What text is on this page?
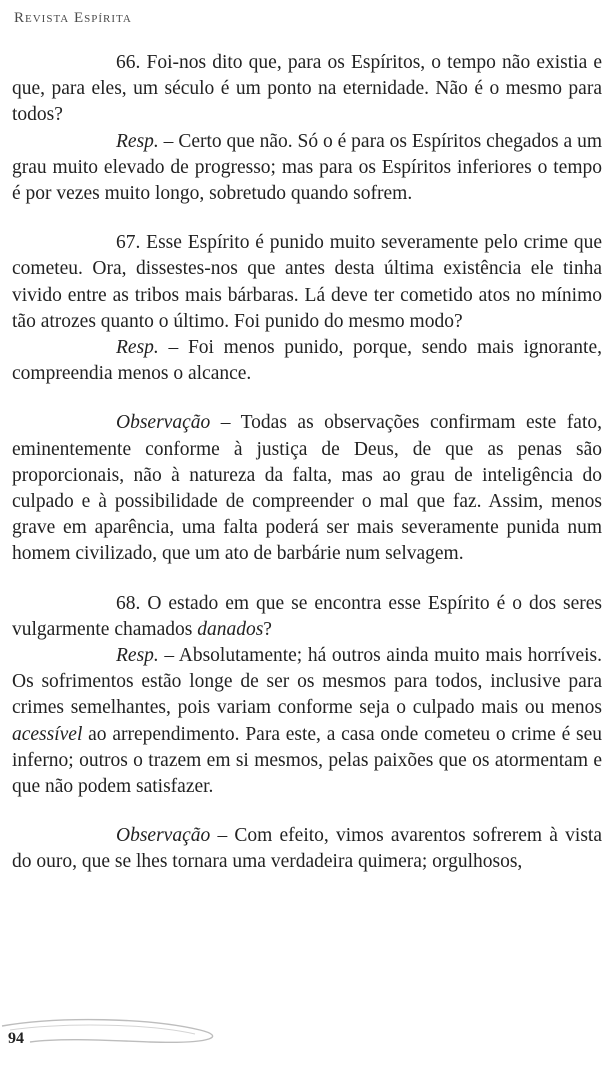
Revista Espírita

66. Foi-nos dito que, para os Espíritos, o tempo não existia e que, para eles, um século é um ponto na eternidade. Não é o mesmo para todos?

Resp. – Certo que não. Só o é para os Espíritos chegados a um grau muito elevado de progresso; mas para os Espíritos inferiores o tempo é por vezes muito longo, sobretudo quando sofrem.

67. Esse Espírito é punido muito severamente pelo crime que cometeu. Ora, dissestes-nos que antes desta última existência ele tinha vivido entre as tribos mais bárbaras. Lá deve ter cometido atos no mínimo tão atrozes quanto o último. Foi punido do mesmo modo?

Resp. – Foi menos punido, porque, sendo mais ignorante, compreendia menos o alcance.

Observação – Todas as observações confirmam este fato, eminentemente conforme à justiça de Deus, de que as penas são proporcionais, não à natureza da falta, mas ao grau de inteligência do culpado e à possibilidade de compreender o mal que faz. Assim, menos grave em aparência, uma falta poderá ser mais severamente punida num homem civilizado, que um ato de barbárie num selvagem.

68. O estado em que se encontra esse Espírito é o dos seres vulgarmente chamados danados?

Resp. – Absolutamente; há outros ainda muito mais horríveis. Os sofrimentos estão longe de ser os mesmos para todos, inclusive para crimes semelhantes, pois variam conforme seja o culpado mais ou menos acessível ao arrependimento. Para este, a casa onde cometeu o crime é seu inferno; outros o trazem em si mesmos, pelas paixões que os atormentam e que não podem satisfazer.

Observação – Com efeito, vimos avarentos sofrerem à vista do ouro, que se lhes tornara uma verdadeira quimera; orgulhosos,

94
